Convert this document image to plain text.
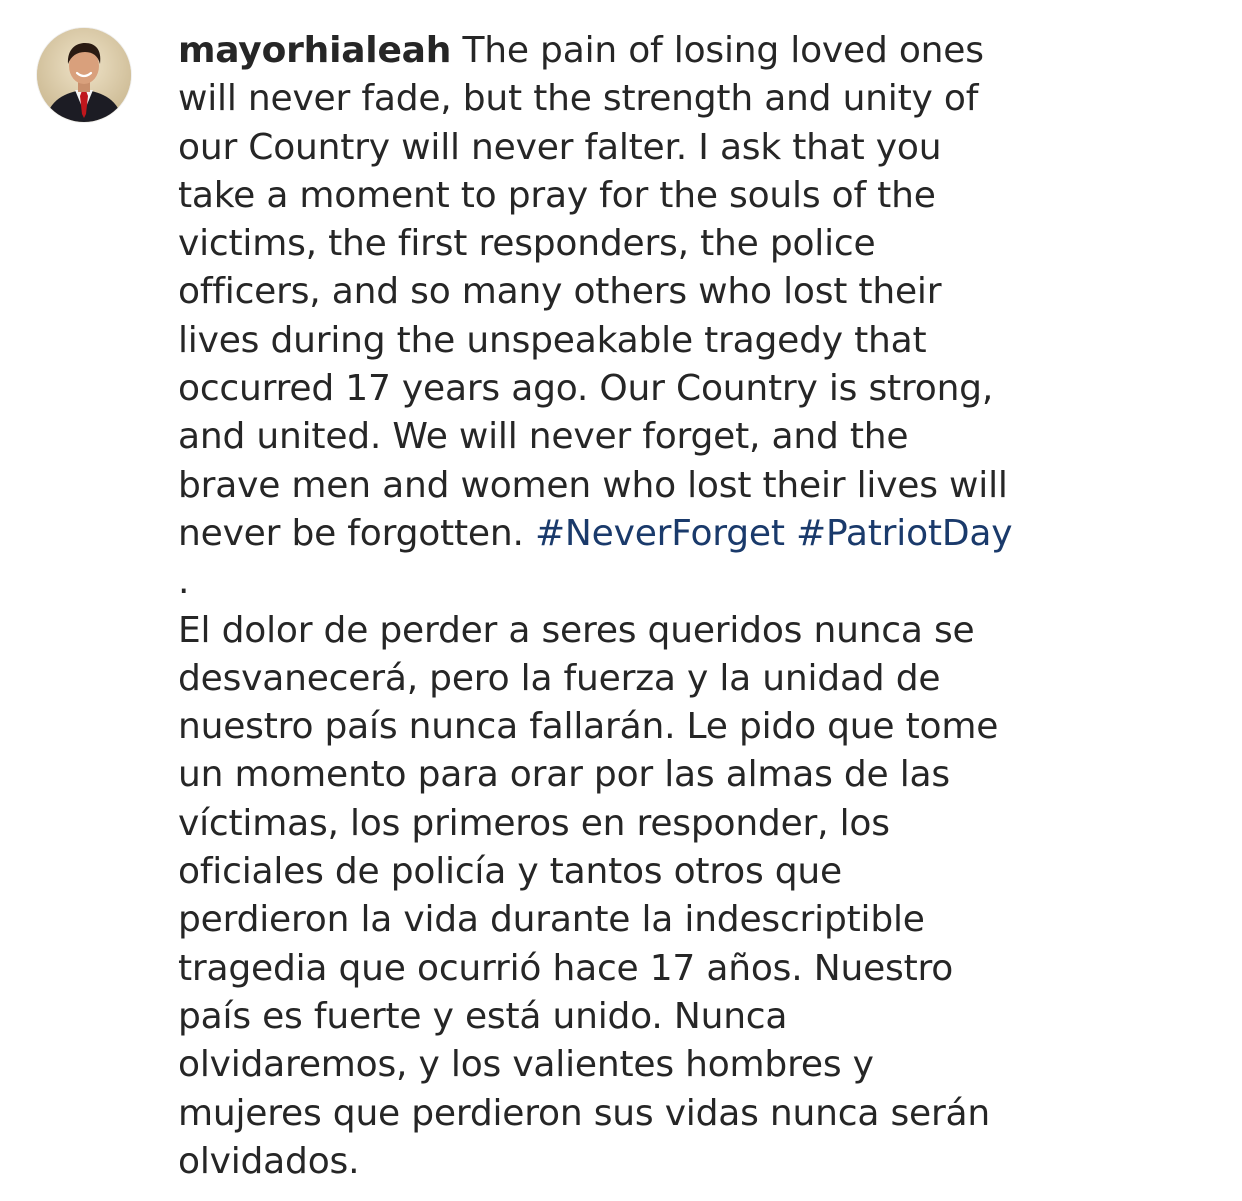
mayorhialeah The pain of losing loved ones
will never fade, but the strength and unity of
our Country will never falter. I ask that you
take a moment to pray for the souls of the
victims, the first responders, the police
officers, and so many others who lost their
lives during the unspeakable tragedy that
occurred 17 years ago. Our Country is strong,
and united. We will never forget, and the
brave men and women who lost their lives will
never be forgotten. #NeverForget #PatriotDay

.

El dolor de perder a seres queridos nunca se
desvanecerá, pero la fuerza y la unidad de
nuestro país nunca fallarán. Le pido que tome
un momento para orar por las almas de las
víctimas, los primeros en responder, los
oficiales de policía y tantos otros que
perdieron la vida durante la indescriptible
tragedia que ocurrió hace 17 años. Nuestro
país es fuerte y está unido. Nunca
olvidaremos, y los valientes hombres y
mujeres que perdieron sus vidas nunca serán
olvidados.
